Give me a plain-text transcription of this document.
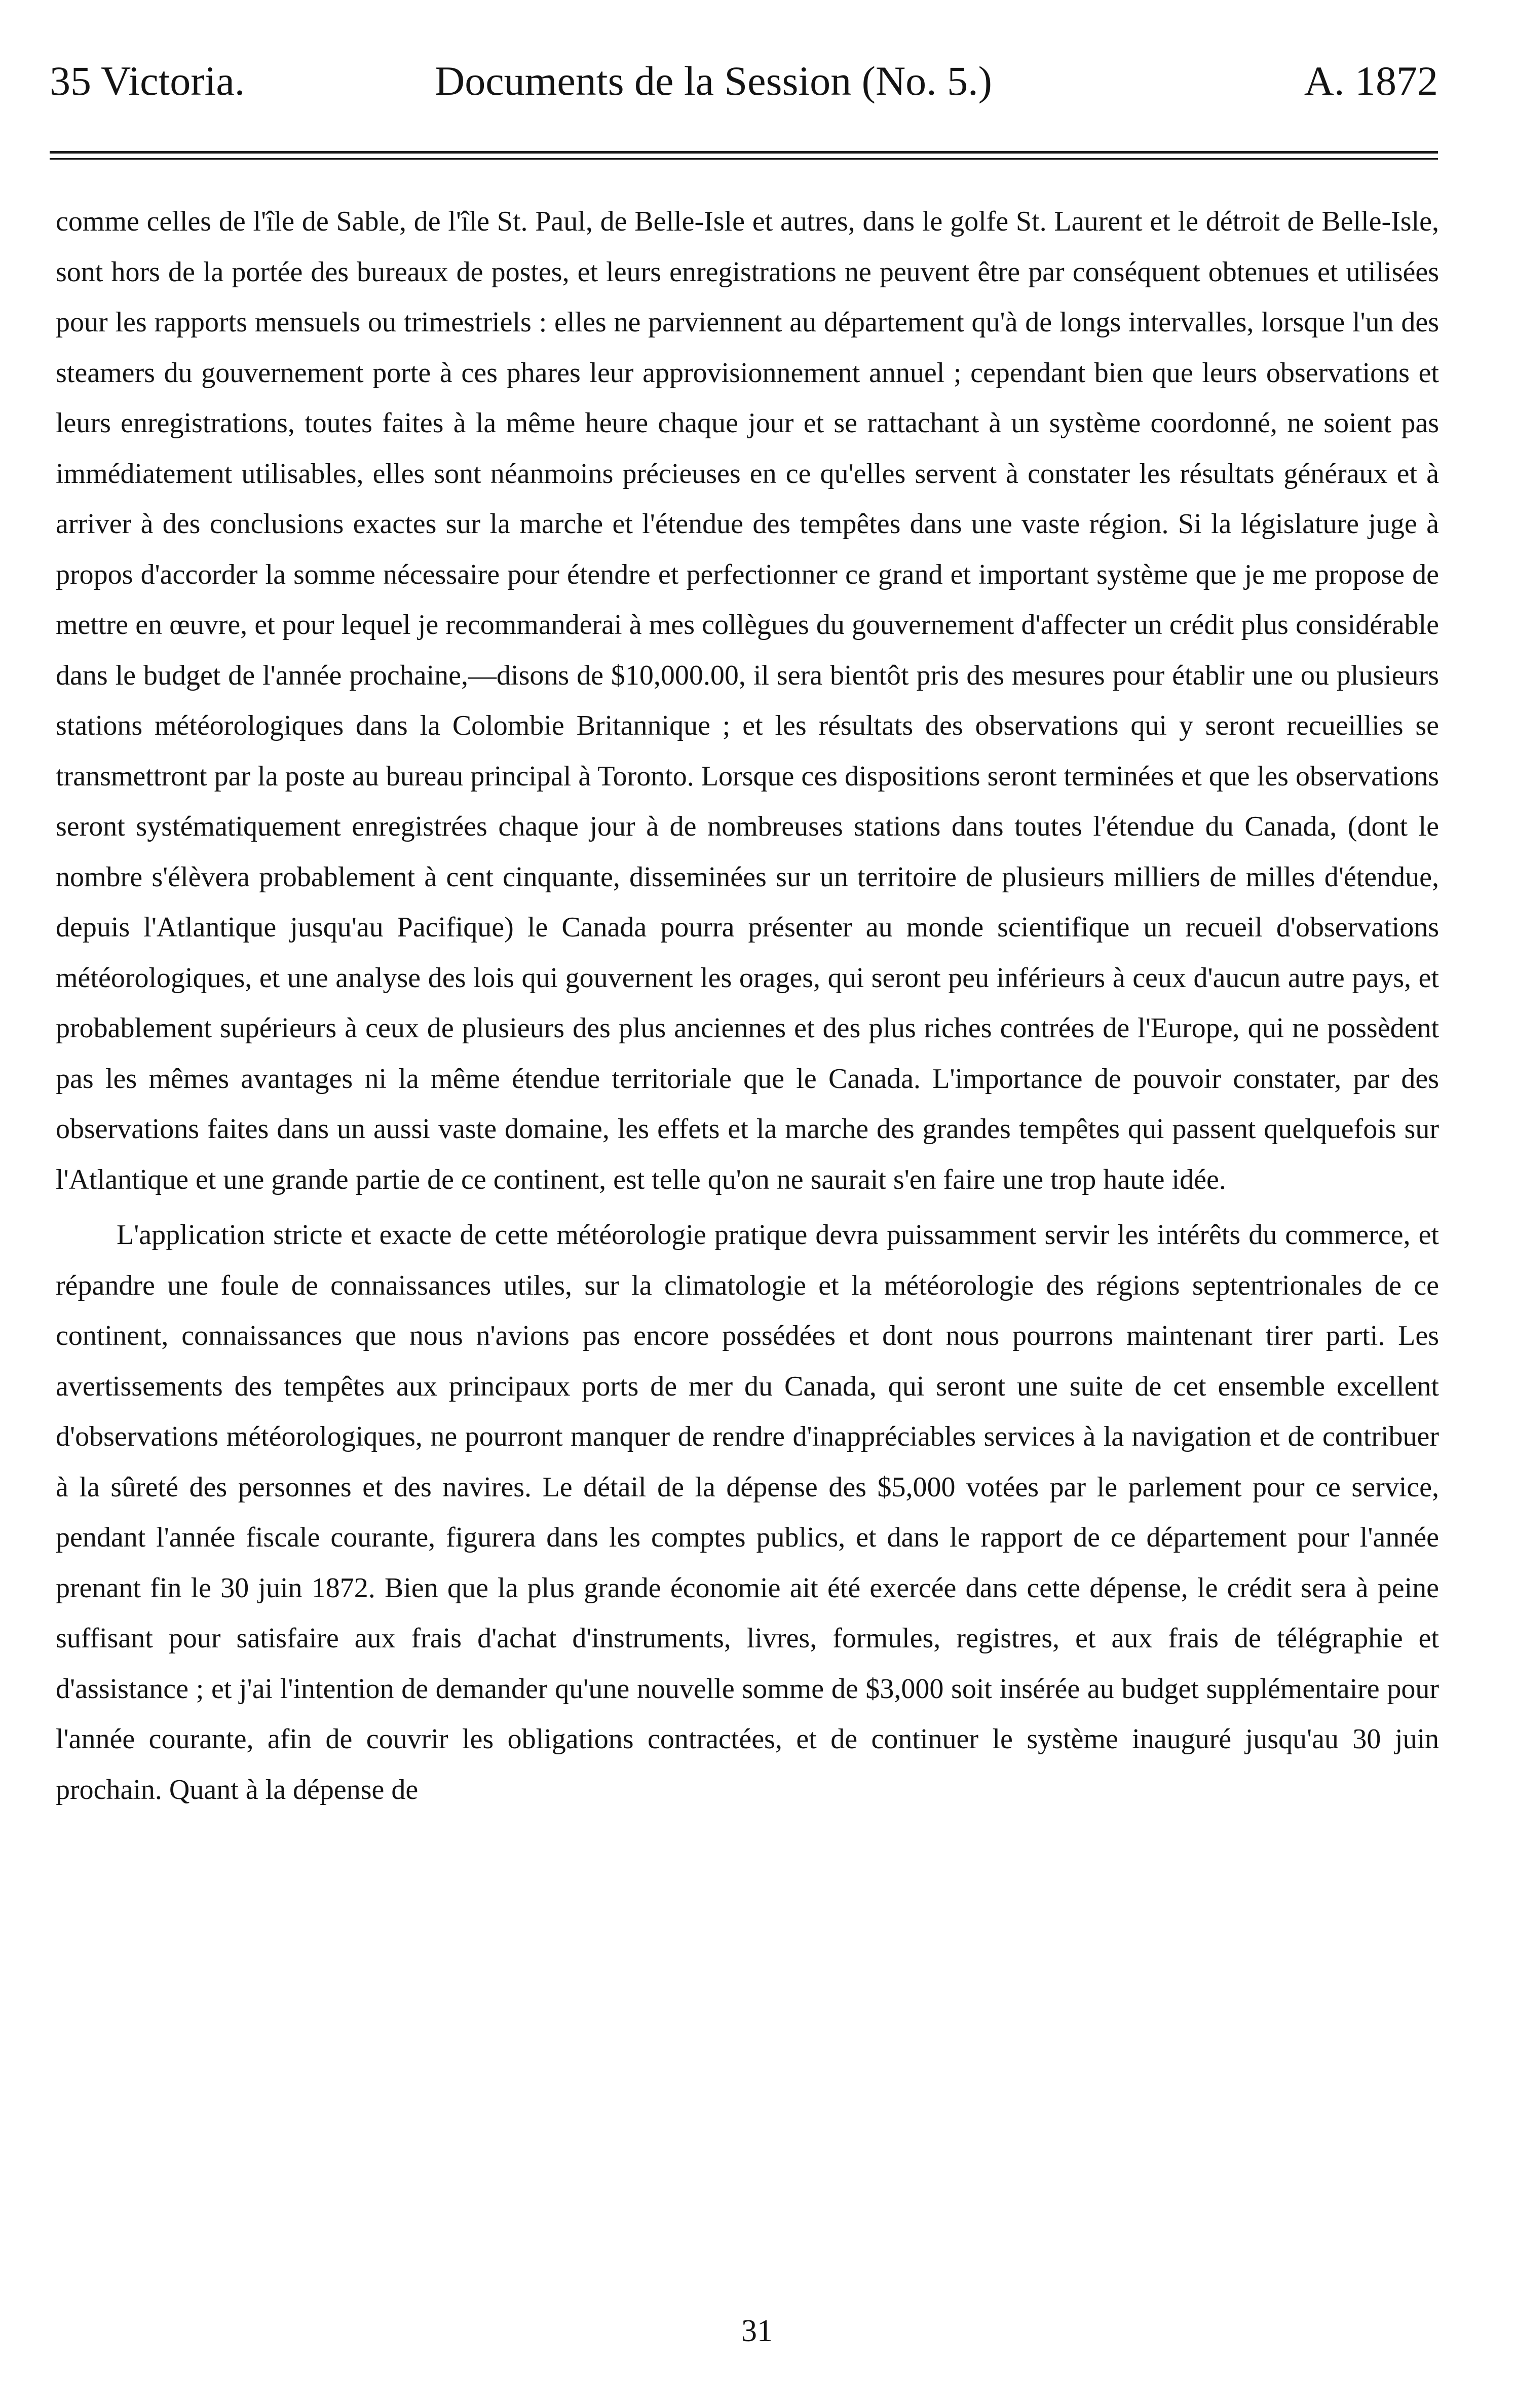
35 Victoria.	Documents de la Session (No. 5.)	A. 1872

comme celles de l'île de Sable, de l'île St. Paul, de Belle-Isle et autres, dans le golfe St. Laurent et le détroit de Belle-Isle, sont hors de la portée des bureaux de postes, et leurs enregistrations ne peuvent être par conséquent obtenues et utilisées pour les rapports mensuels ou trimestriels : elles ne parviennent au département qu'à de longs intervalles, lorsque l'un des steamers du gouvernement porte à ces phares leur approvisionnement annuel ; cependant bien que leurs observations et leurs enregistrations, toutes faites à la même heure chaque jour et se rattachant à un système coordonné, ne soient pas immédiatement utilisables, elles sont néanmoins précieuses en ce qu'elles servent à constater les résultats généraux et à arriver à des conclusions exactes sur la marche et l'étendue des tempêtes dans une vaste région. Si la législature juge à propos d'accorder la somme nécessaire pour étendre et perfectionner ce grand et important système que je me propose de mettre en œuvre, et pour lequel je recommanderai à mes collègues du gouvernement d'affecter un crédit plus considérable dans le budget de l'année prochaine,—disons de $10,000.00, il sera bientôt pris des mesures pour établir une ou plusieurs stations météorologiques dans la Colombie Britannique ; et les résultats des observations qui y seront recueillies se transmettront par la poste au bureau principal à Toronto. Lorsque ces dispositions seront terminées et que les observations seront systématiquement enregistrées chaque jour à de nombreuses stations dans toutes l'étendue du Canada, (dont le nombre s'élèvera probablement à cent cinquante, disseminées sur un territoire de plusieurs milliers de milles d'étendue, depuis l'Atlantique jusqu'au Pacifique) le Canada pourra présenter au monde scientifique un recueil d'observations météorologiques, et une analyse des lois qui gouvernent les orages, qui seront peu inférieurs à ceux d'aucun autre pays, et probablement supérieurs à ceux de plusieurs des plus anciennes et des plus riches contrées de l'Europe, qui ne possèdent pas les mêmes avantages ni la même étendue territoriale que le Canada. L'importance de pouvoir constater, par des observations faites dans un aussi vaste domaine, les effets et la marche des grandes tempêtes qui passent quelquefois sur l'Atlantique et une grande partie de ce continent, est telle qu'on ne saurait s'en faire une trop haute idée.

L'application stricte et exacte de cette météorologie pratique devra puissamment servir les intérêts du commerce, et répandre une foule de connaissances utiles, sur la climatologie et la météorologie des régions septentrionales de ce continent, connaissances que nous n'avions pas encore possédées et dont nous pourrons maintenant tirer parti. Les avertissements des tempêtes aux principaux ports de mer du Canada, qui seront une suite de cet ensemble excellent d'observations météorologiques, ne pourront manquer de rendre d'inappréciables services à la navigation et de contribuer à la sûreté des personnes et des navires. Le détail de la dépense des $5,000 votées par le parlement pour ce service, pendant l'année fiscale courante, figurera dans les comptes publics, et dans le rapport de ce département pour l'année prenant fin le 30 juin 1872. Bien que la plus grande économie ait été exercée dans cette dépense, le crédit sera à peine suffisant pour satisfaire aux frais d'achat d'instruments, livres, formules, registres, et aux frais de télégraphie et d'assistance ; et j'ai l'intention de demander qu'une nouvelle somme de $3,000 soit insérée au budget supplémentaire pour l'année courante, afin de couvrir les obligations contractées, et de continuer le système inauguré jusqu'au 30 juin prochain. Quant à la dépense de

31
